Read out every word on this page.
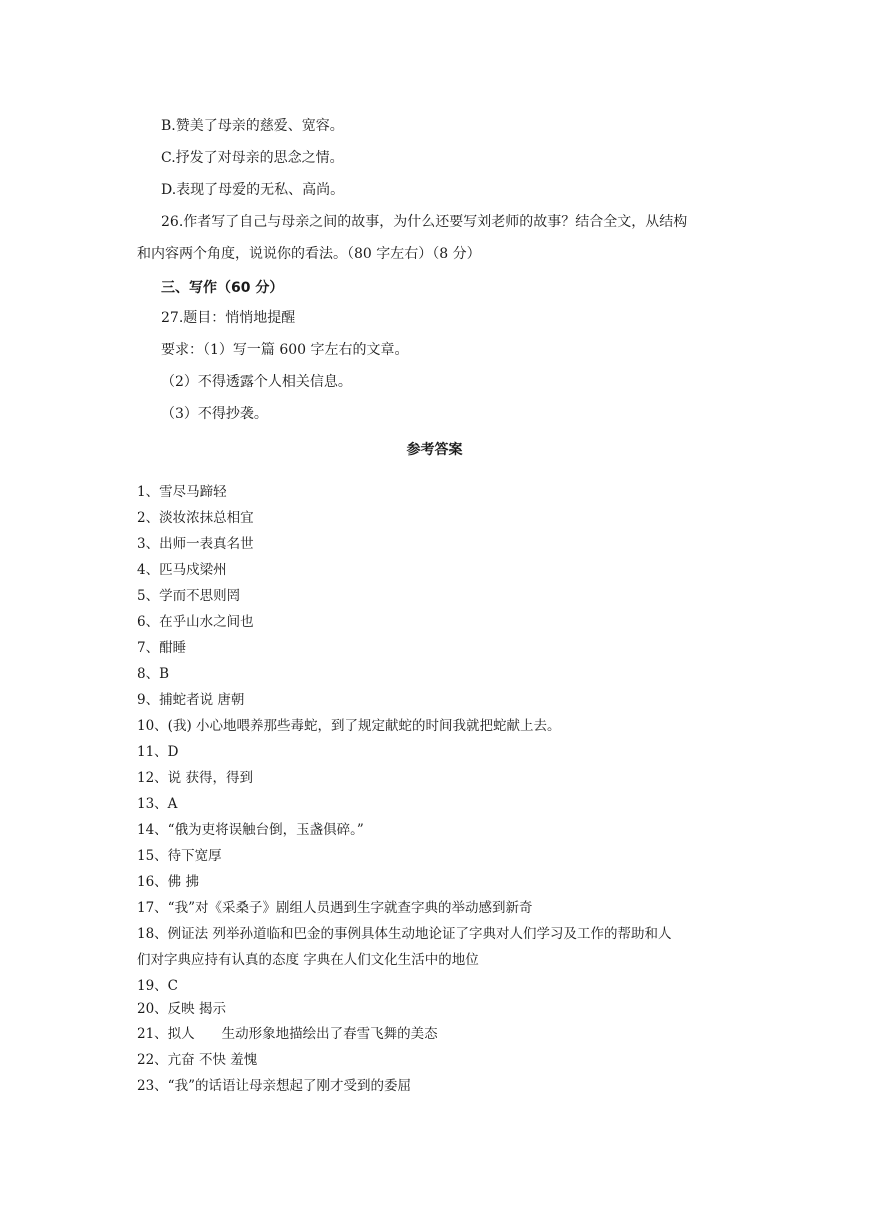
B.赞美了母亲的慈爱、宽容。
C.抒发了对母亲的思念之情。
D.表现了母爱的无私、高尚。
26.作者写了自己与母亲之间的故事，为什么还要写刘老师的故事？结合全文，从结构
和内容两个角度，说说你的看法。（80 字左右）（8 分）
三、写作（60 分）
27.题目：悄悄地提醒
要求：（1）写一篇 600 字左右的文章。
（2）不得透露个人相关信息。
（3）不得抄袭。
参考答案
1、雪尽马蹄轻
2、淡妆浓抹总相宜
3、出师一表真名世
4、匹马戍梁州
5、学而不思则罔
6、在乎山水之间也
7、酣睡
8、B
9、捕蛇者说 唐朝
10、(我) 小心地喂养那些毒蛇，到了规定献蛇的时间我就把蛇献上去。
11、D
12、说 获得，得到
13、A
14、“俄为吏将误触台倒，玉盏俱碎。”
15、待下宽厚
16、佛 拂
17、“我”对《采桑子》剧组人员遇到生字就查字典的举动感到新奇
18、例证法 列举孙道临和巴金的事例具体生动地论证了字典对人们学习及工作的帮助和人
们对字典应持有认真的态度 字典在人们文化生活中的地位
19、C
20、反映 揭示
21、拟人　　生动形象地描绘出了春雪飞舞的美态
22、亢奋 不快 羞愧
23、“我”的话语让母亲想起了刚才受到的委屈
